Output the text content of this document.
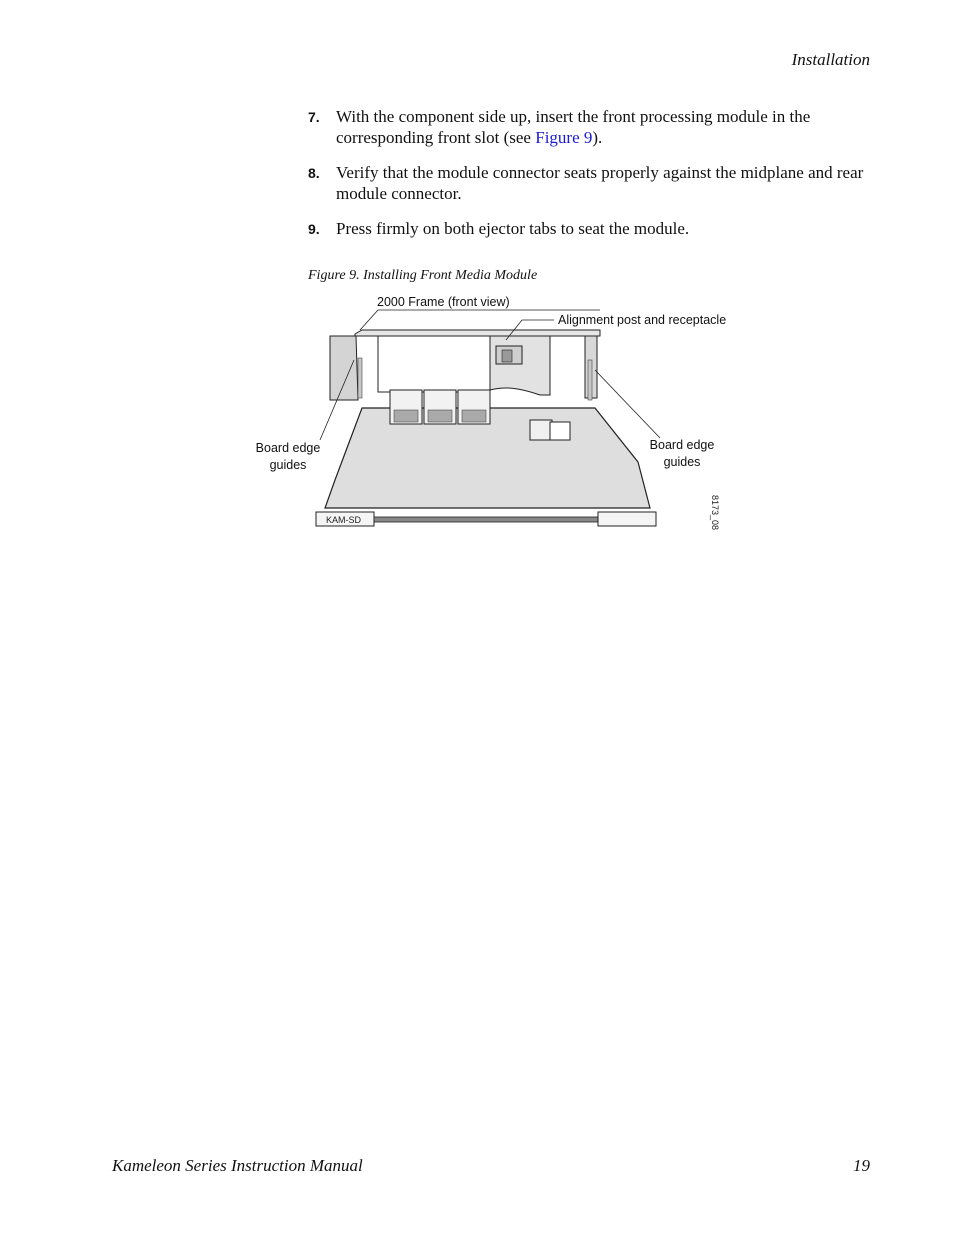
Installation
7. With the component side up, insert the front processing module in the corresponding front slot (see Figure 9).
8. Verify that the module connector seats properly against the midplane and rear module connector.
9. Press firmly on both ejector tabs to seat the module.
Figure 9. Installing Front Media Module
KAM-SD
2000 Frame (front view)
Alignment post and receptacle
Board edge
guides
Board edge
guides
8173_08
Kameleon Series Instruction Manual	19
